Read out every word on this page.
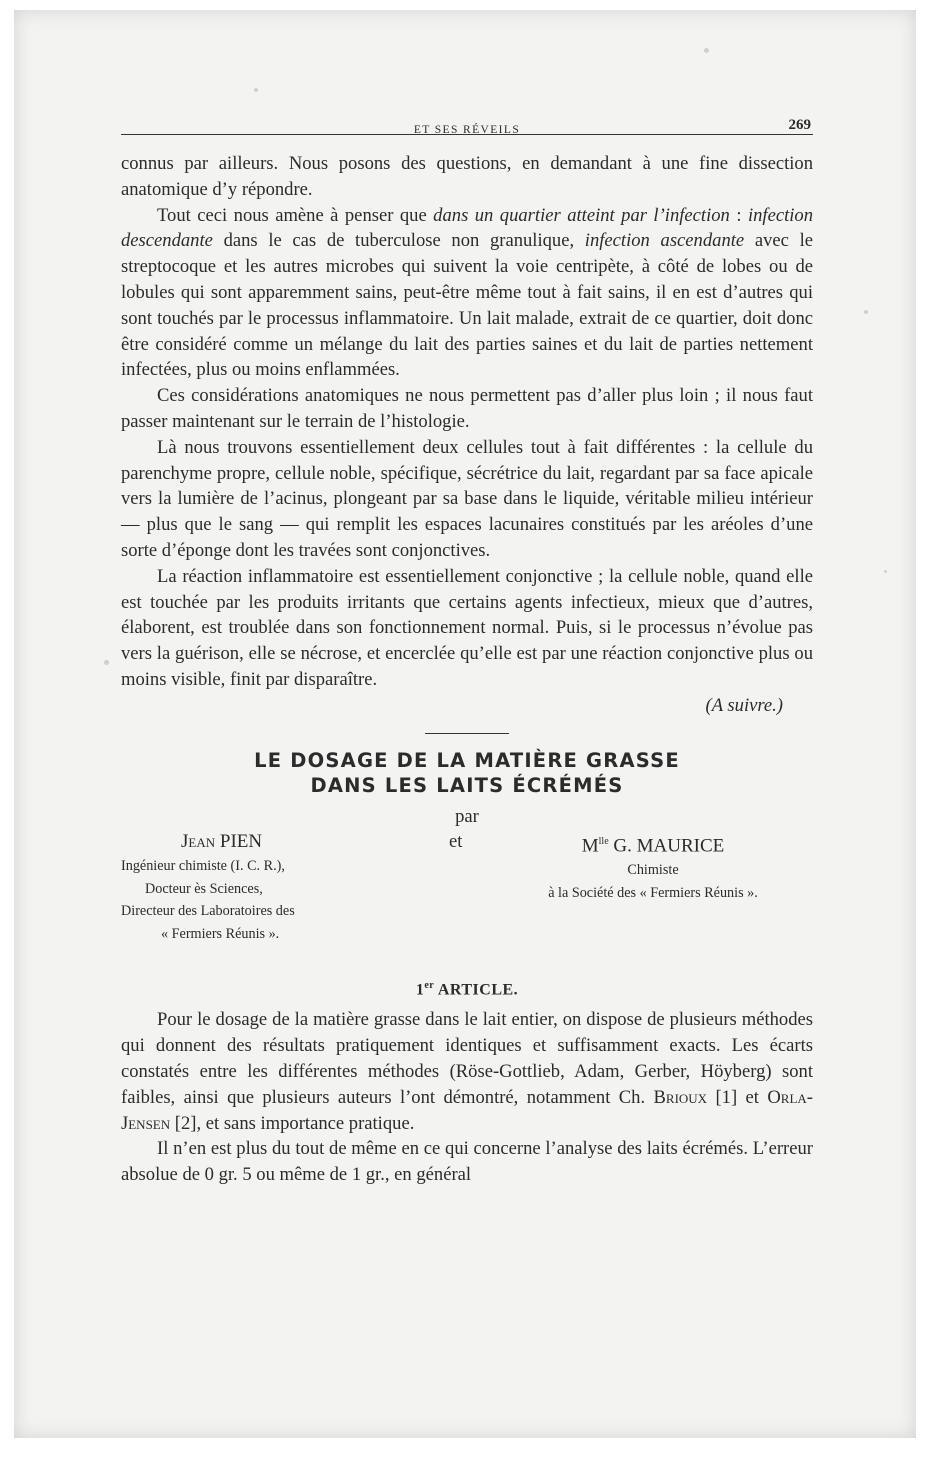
ET SES RÉVEILS	269

connus par ailleurs. Nous posons des questions, en demandant à une fine dissection anatomique d’y répondre.

Tout ceci nous amène à penser que dans un quartier atteint par l’infection : infection descendante dans le cas de tuberculose non granulique, infection ascendante avec le streptocoque et les autres microbes qui suivent la voie centripète, à côté de lobes ou de lobules qui sont apparemment sains, peut-être même tout à fait sains, il en est d’autres qui sont touchés par le processus inflammatoire. Un lait malade, extrait de ce quartier, doit donc être considéré comme un mélange du lait des parties saines et du lait de parties nettement infectées, plus ou moins enflammées.

Ces considérations anatomiques ne nous permettent pas d’aller plus loin ; il nous faut passer maintenant sur le terrain de l’histologie.

Là nous trouvons essentiellement deux cellules tout à fait différentes : la cellule du parenchyme propre, cellule noble, spécifique, sécrétrice du lait, regardant par sa face apicale vers la lumière de l’acinus, plongeant par sa base dans le liquide, véritable milieu intérieur — plus que le sang — qui remplit les espaces lacunaires constitués par les aréoles d’une sorte d’éponge dont les travées sont conjonctives.

La réaction inflammatoire est essentiellement conjonctive ; la cellule noble, quand elle est touchée par les produits irritants que certains agents infectieux, mieux que d’autres, élaborent, est troublée dans son fonctionnement normal. Puis, si le processus n’évolue pas vers la guérison, elle se nécrose, et encerclée qu’elle est par une réaction conjonctive plus ou moins visible, finit par disparaître.

(A suivre.)

LE DOSAGE DE LA MATIÈRE GRASSE
DANS LES LAITS ÉCRÉMÉS
par
Jean PIEN
Ingénieur chimiste (I. C. R.),
Docteur ès Sciences,
Directeur des Laboratoires des
« Fermiers Réunis ».
et	$M^{lle}$ G. MAURICE
Chimiste
à la Société des « Fermiers Réunis ».
1er ARTICLE.

Pour le dosage de la matière grasse dans le lait entier, on dispose de plusieurs méthodes qui donnent des résultats pratiquement identiques et suffisamment exacts. Les écarts constatés entre les différentes méthodes (Röse-Gottlieb, Adam, Gerber, Höyberg) sont faibles, ainsi que plusieurs auteurs l’ont démontré, notamment Ch. Brioux [1] et Orla-Jensen [2], et sans importance pratique.

Il n’en est plus du tout de même en ce qui concerne l’analyse des laits écrémés. L’erreur absolue de 0 gr. 5 ou même de 1 gr., en général
